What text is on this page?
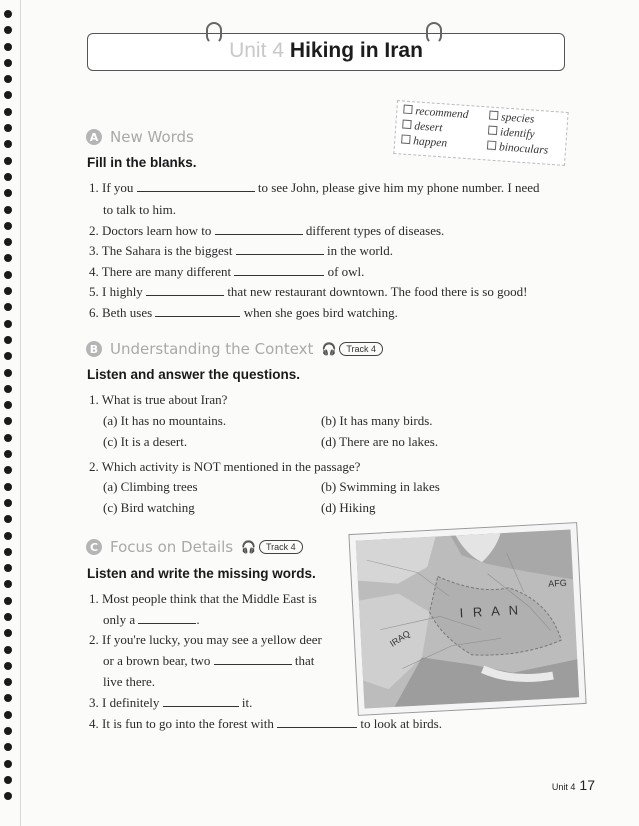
Unit 4 Hiking in Iran
recommend
desert
happen
species
identify
binoculars
A New Words
Fill in the blanks.
1. If you	to see John, please give him my phone number. I need
to talk to him.
2. Doctors learn how to	different types of diseases.
3. The Sahara is the biggest	in the world.
4. There are many different	of owl.
5. I highly	that new restaurant downtown. The food there is so good!
6. Beth uses	when she goes bird watching.
B Understanding the Context 🎧	Track 4
Listen and answer the questions.
1. What is true about Iran?
(a) It has no mountains.	(b) It has many birds.
(c) It is a desert.	(d) There are no lakes.
2. Which activity is NOT mentioned in the passage?
(a) Climbing trees	(b) Swimming in lakes
(c) Bird watching	(d) Hiking
C Focus on Details 🎧	Track 4
Listen and write the missing words.
1. Most people think that the Middle East is
only a	.
2. If you're lucky, you may see a yellow deer
or a brown bear, two	that
live there.
3. I definitely	it.
4. It is fun to go into the forest with	to look at birds.
I R A N
IRAQ
AFG
Unit 4 17
